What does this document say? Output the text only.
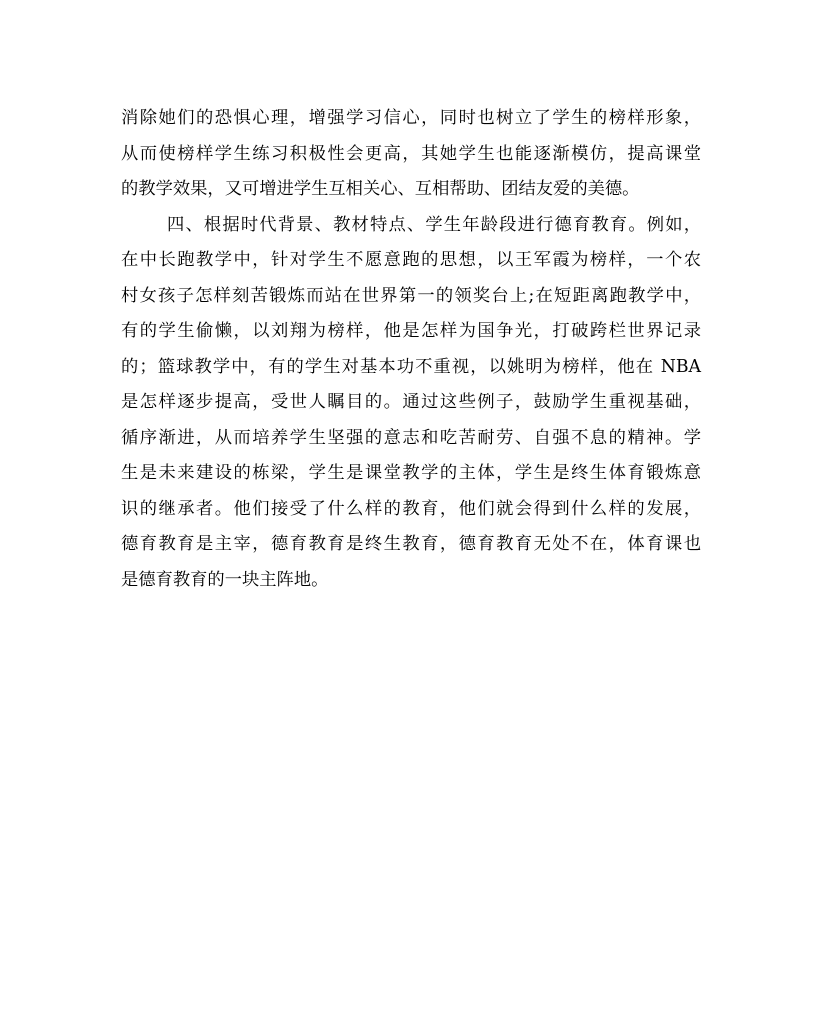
消除她们的恐惧心理，增强学习信心，同时也树立了学生的榜样形象，
从而使榜样学生练习积极性会更高，其她学生也能逐渐模仿，提高课堂
的教学效果，又可增进学生互相关心、互相帮助、团结友爱的美德。
四、根据时代背景、教材特点、学生年龄段进行德育教育。例如，
在中长跑教学中，针对学生不愿意跑的思想，以王军霞为榜样，一个农
村女孩子怎样刻苦锻炼而站在世界第一的领奖台上;在短距离跑教学中，
有的学生偷懒，以刘翔为榜样，他是怎样为国争光，打破跨栏世界记录
的；篮球教学中，有的学生对基本功不重视，以姚明为榜样，他在 NBA
是怎样逐步提高，受世人瞩目的。通过这些例子，鼓励学生重视基础，
循序渐进，从而培养学生坚强的意志和吃苦耐劳、自强不息的精神。学
生是未来建设的栋梁，学生是课堂教学的主体，学生是终生体育锻炼意
识的继承者。他们接受了什么样的教育，他们就会得到什么样的发展，
德育教育是主宰，德育教育是终生教育，德育教育无处不在，体育课也
是德育教育的一块主阵地。
